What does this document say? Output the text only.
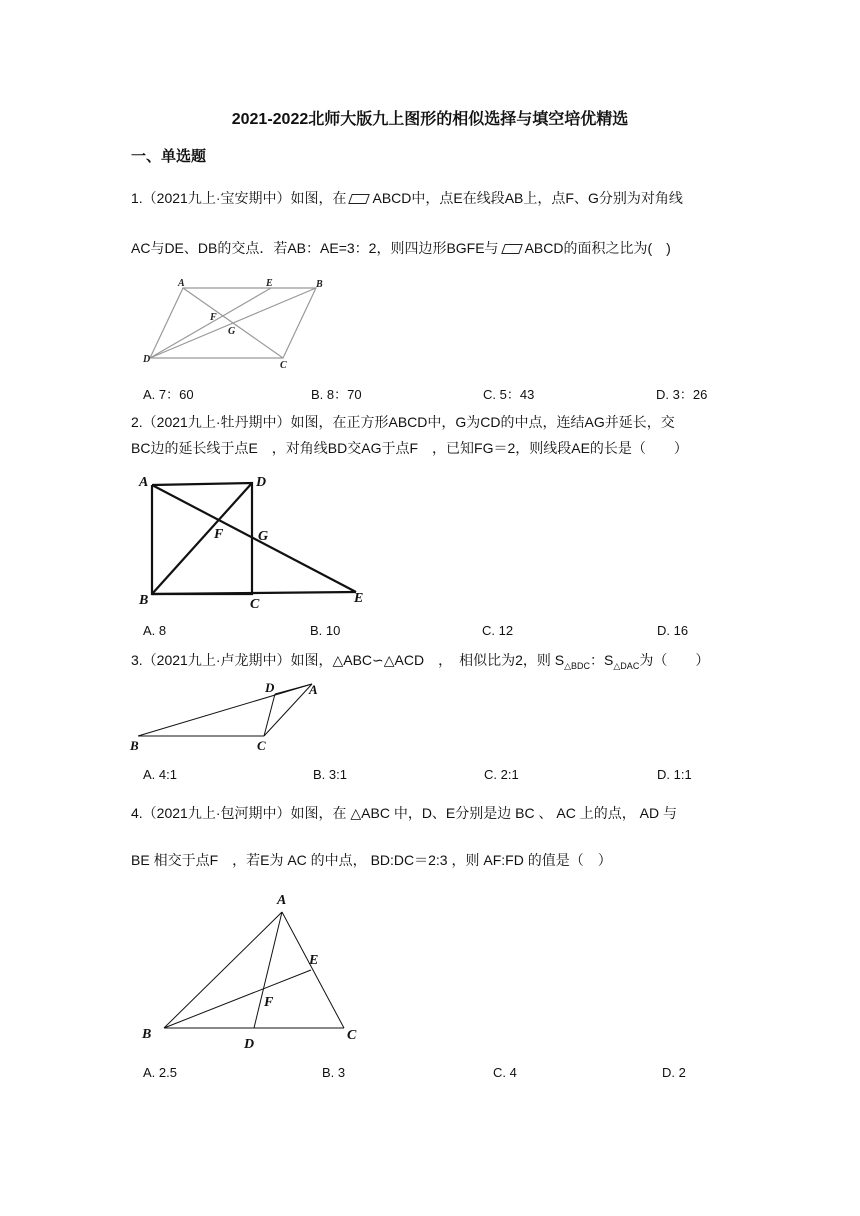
2021-2022北师大版九上图形的相似选择与填空培优精选
一、单选题
1.（2021九上·宝安期中）如图，在 ABCD中，点E在线段AB上，点F、G分别为对角线
AC与DE、DB的交点．若AB：AE=3：2，则四边形BGFE与 ABCD的面积之比为(　)
A	E	B
F
G
D
C
A. 7：60	B. 8：70	C. 5：43	D. 3：26
2.（2021九上·牡丹期中）如图，在正方形ABCD中，G为CD的中点，连结AG并延长，交
BC边的延长线于点E　，对角线BD交AG于点F　，已知FG＝2，则线段AE的长是（　　）
A	D
F G
B	C	E
A. 8	B. 10	C. 12	D. 16
3.（2021九上·卢龙期中）如图，△ABC∽△ACD　，　相似比为2，则 $S_{\triangle BDC}$：$S_{\triangle DAC}$为（　　）
D	A
B	C
A. 4:1	B. 3:1	C. 2:1	D. 1:1
4.（2021九上·包河期中）如图，在 △ABC 中，D、E分别是边 BC 、 AC 上的点， AD 与
BE 相交于点F　，若E为 AC 的中点， BD:DC＝2:3 ，则 AF:FD 的值是（　）
A
E
F
B
D
C
A. 2.5	B. 3	C. 4	D. 2
